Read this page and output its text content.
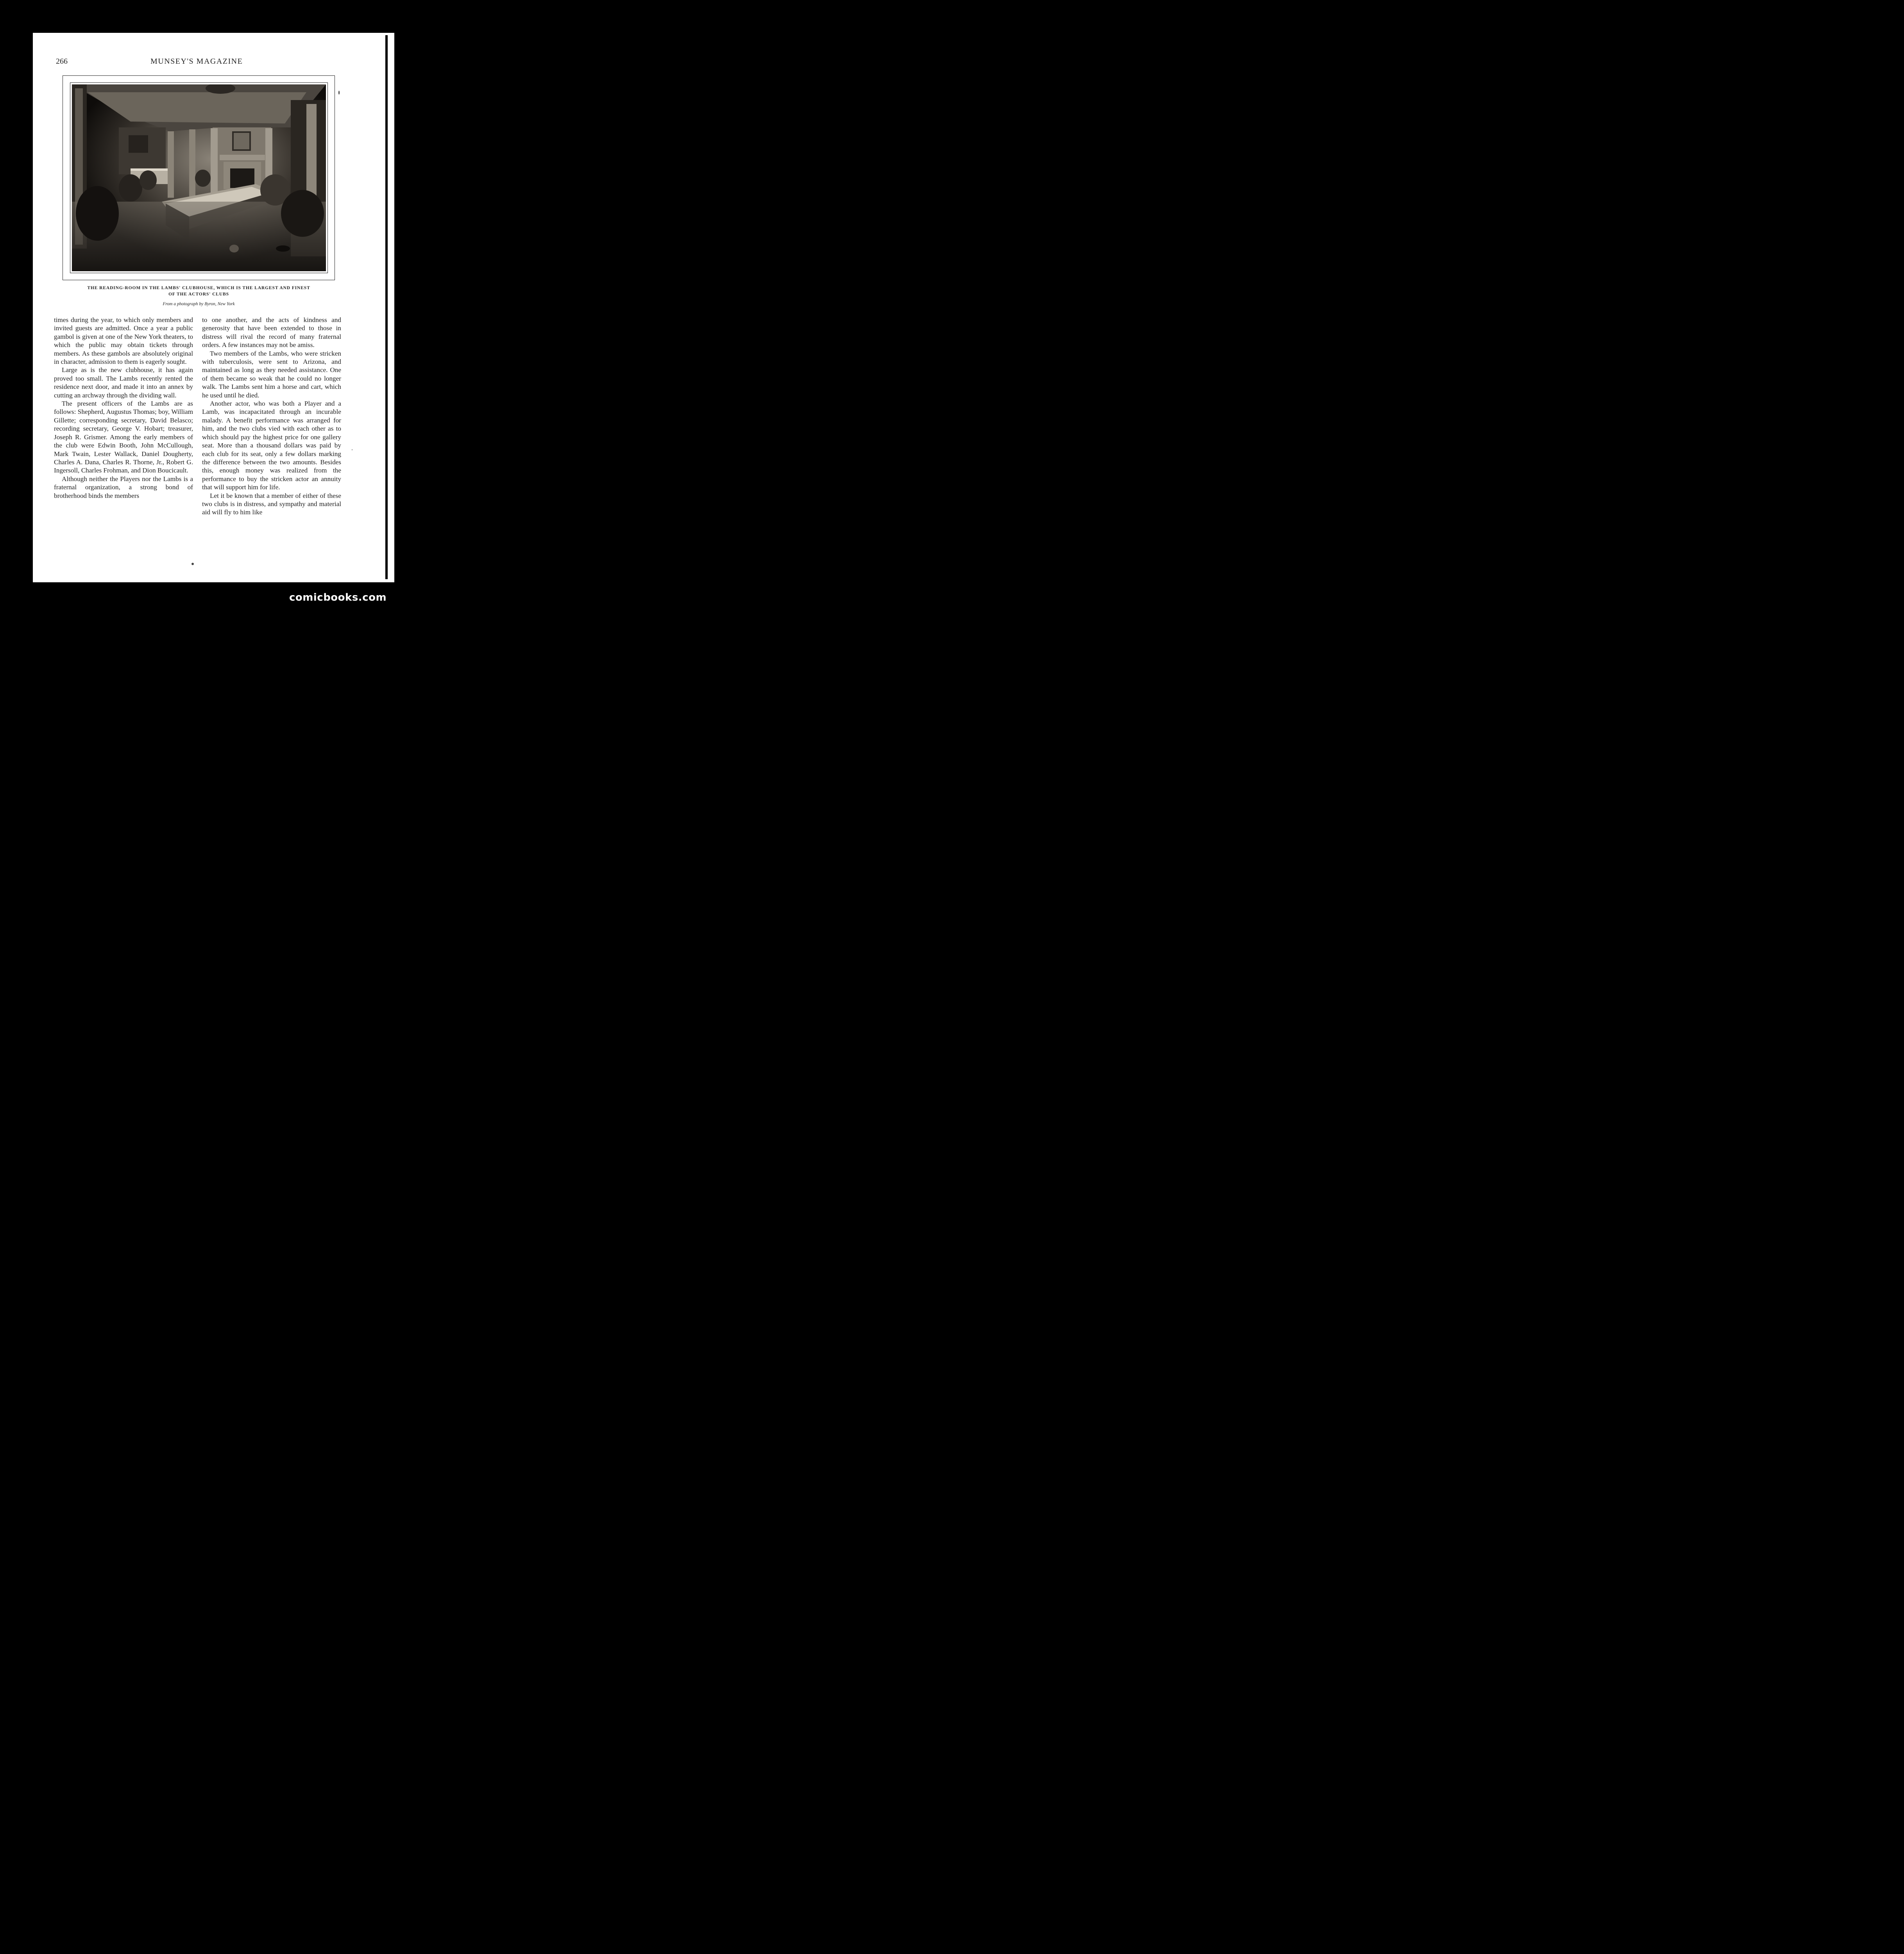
266	MUNSEY'S MAGAZINE
THE READING-ROOM IN THE LAMBS' CLUBHOUSE, WHICH IS THE LARGEST AND FINEST
OF THE ACTORS' CLUBS
From a photograph by Byron, New York

times during the year, to which only members and invited guests are admitted. Once a year a public gambol is given at one of the New York theaters, to which the public may obtain tickets through members. As these gambols are absolutely original in character, admission to them is eagerly sought.

Large as is the new clubhouse, it has again proved too small. The Lambs recently rented the residence next door, and made it into an annex by cutting an archway through the dividing wall.

The present officers of the Lambs are as follows: Shepherd, Augustus Thomas; boy, William Gillette; corresponding secretary, David Belasco; recording secretary, George V. Hobart; treasurer, Joseph R. Grismer. Among the early members of the club were Edwin Booth, John McCullough, Mark Twain, Lester Wallack, Daniel Dougherty, Charles A. Dana, Charles R. Thorne, Jr., Robert G. Ingersoll, Charles Frohman, and Dion Boucicault.

Although neither the Players nor the Lambs is a fraternal organization, a strong bond of brotherhood binds the members

to one another, and the acts of kindness and generosity that have been extended to those in distress will rival the record of many fraternal orders. A few instances may not be amiss.

Two members of the Lambs, who were stricken with tuberculosis, were sent to Arizona, and maintained as long as they needed assistance. One of them became so weak that he could no longer walk. The Lambs sent him a horse and cart, which he used until he died.

Another actor, who was both a Player and a Lamb, was incapacitated through an incurable malady. A benefit performance was arranged for him, and the two clubs vied with each other as to which should pay the highest price for one gallery seat. More than a thousand dollars was paid by each club for its seat, only a few dollars marking the difference between the two amounts. Besides this, enough money was realized from the performance to buy the stricken actor an annuity that will support him for life.

Let it be known that a member of either of these two clubs is in distress, and sympathy and material aid will fly to him like

comicbooks.com
